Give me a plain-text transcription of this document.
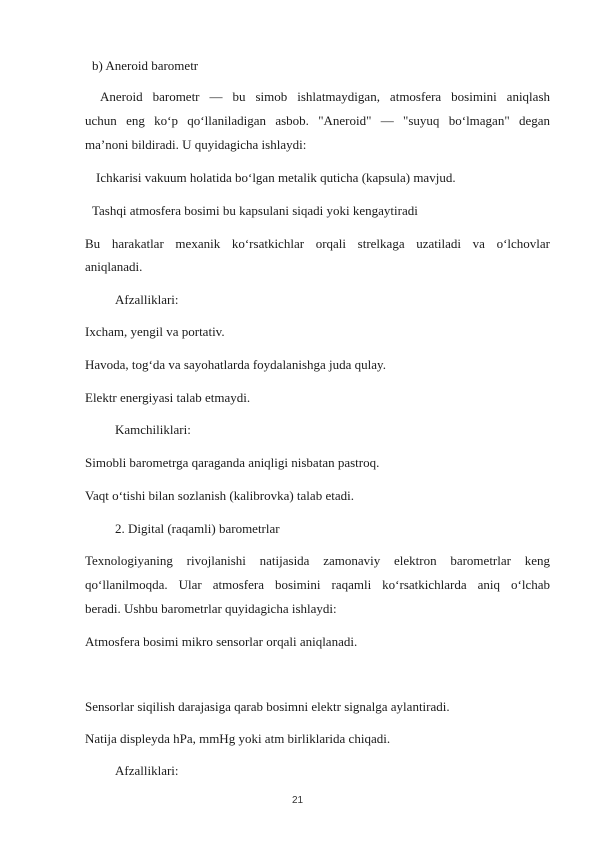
b) Aneroid barometr
Aneroid barometr — bu simob ishlatmaydigan, atmosfera bosimini aniqlash
uchun eng ko‘p qo‘llaniladigan asbob. "Aneroid" — "suyuq bo‘lmagan" degan
ma’noni bildiradi. U quyidagicha ishlaydi:
Ichkarisi vakuum holatida bo‘lgan metalik quticha (kapsula) mavjud.
Tashqi atmosfera bosimi bu kapsulani siqadi yoki kengaytiradi
Bu harakatlar mexanik ko‘rsatkichlar orqali strelkaga uzatiladi va o‘lchovlar
aniqlanadi.
Afzalliklari:
Ixcham, yengil va portativ.
Havoda, tog‘da va sayohatlarda foydalanishga juda qulay.
Elektr energiyasi talab etmaydi.
Kamchiliklari:
Simobli barometrga qaraganda aniqligi nisbatan pastroq.
Vaqt o‘tishi bilan sozlanish (kalibrovka) talab etadi.
2. Digital (raqamli) barometrlar
Texnologiyaning rivojlanishi natijasida zamonaviy elektron barometrlar keng
qo‘llanilmoqda. Ular atmosfera bosimini raqamli ko‘rsatkichlarda aniq o‘lchab
beradi. Ushbu barometrlar quyidagicha ishlaydi:
Atmosfera bosimi mikro sensorlar orqali aniqlanadi.
Sensorlar siqilish darajasiga qarab bosimni elektr signalga aylantiradi.
Natija displeyda hPa, mmHg yoki atm birliklarida chiqadi.
Afzalliklari:
21
